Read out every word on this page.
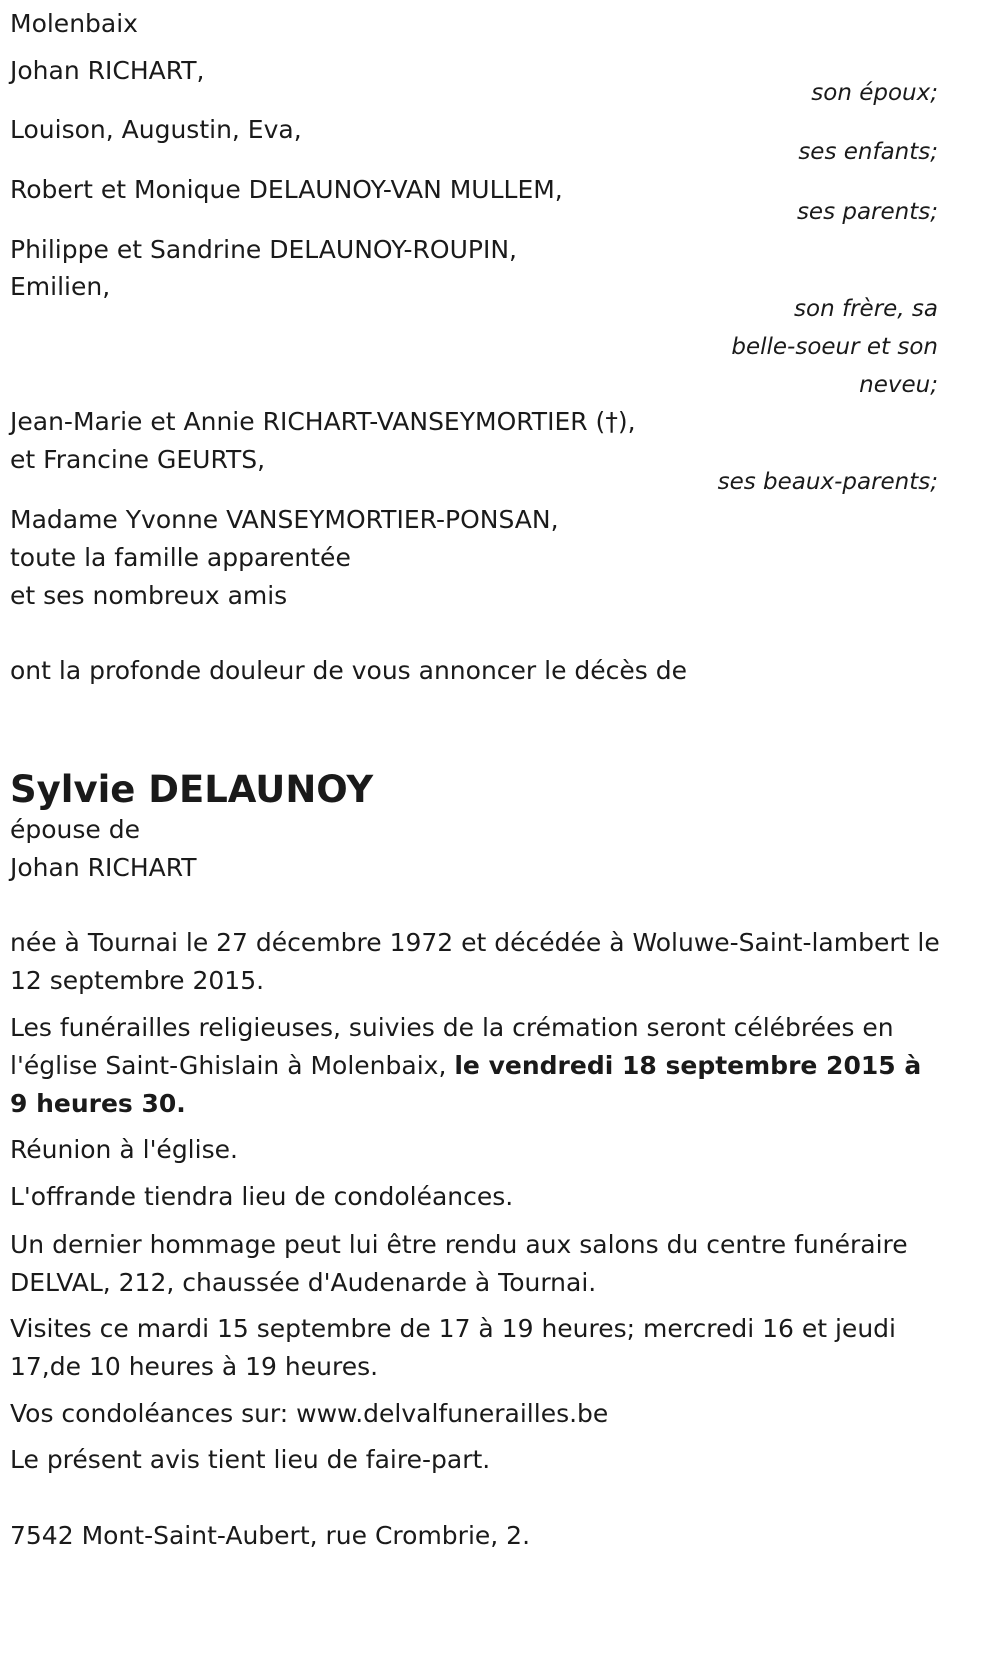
Molenbaix

Johan RICHART,

son époux;

Louison, Augustin, Eva,

ses enfants;

Robert et Monique DELAUNOY-VAN MULLEM,

ses parents;

Philippe et Sandrine DELAUNOY-ROUPIN,

Emilien,

son frère, sa

belle-soeur et son

neveu;

Jean-Marie et Annie RICHART-VANSEYMORTIER (†),

et Francine GEURTS,

ses beaux-parents;

Madame Yvonne VANSEYMORTIER-PONSAN,

toute la famille apparentée

et ses nombreux amis

ont la profonde douleur de vous annoncer le décès de

Sylvie DELAUNOY

épouse de

Johan RICHART

née à Tournai le 27 décembre 1972 et décédée à Woluwe-Saint-lambert le 12 septembre 2015.

Les funérailles religieuses, suivies de la crémation seront célébrées en l'église Saint-Ghislain à Molenbaix, le vendredi 18 septembre 2015 à 9 heures 30.

Réunion à l'église.

L'offrande tiendra lieu de condoléances.

Un dernier hommage peut lui être rendu aux salons du centre funéraire DELVAL, 212, chaussée d'Audenarde à Tournai.

Visites ce mardi 15 septembre de 17 à 19 heures; mercredi 16 et jeudi 17,de 10 heures à 19 heures.

Vos condoléances sur: www.delvalfunerailles.be

Le présent avis tient lieu de faire-part.

7542 Mont-Saint-Aubert, rue Crombrie, 2.
